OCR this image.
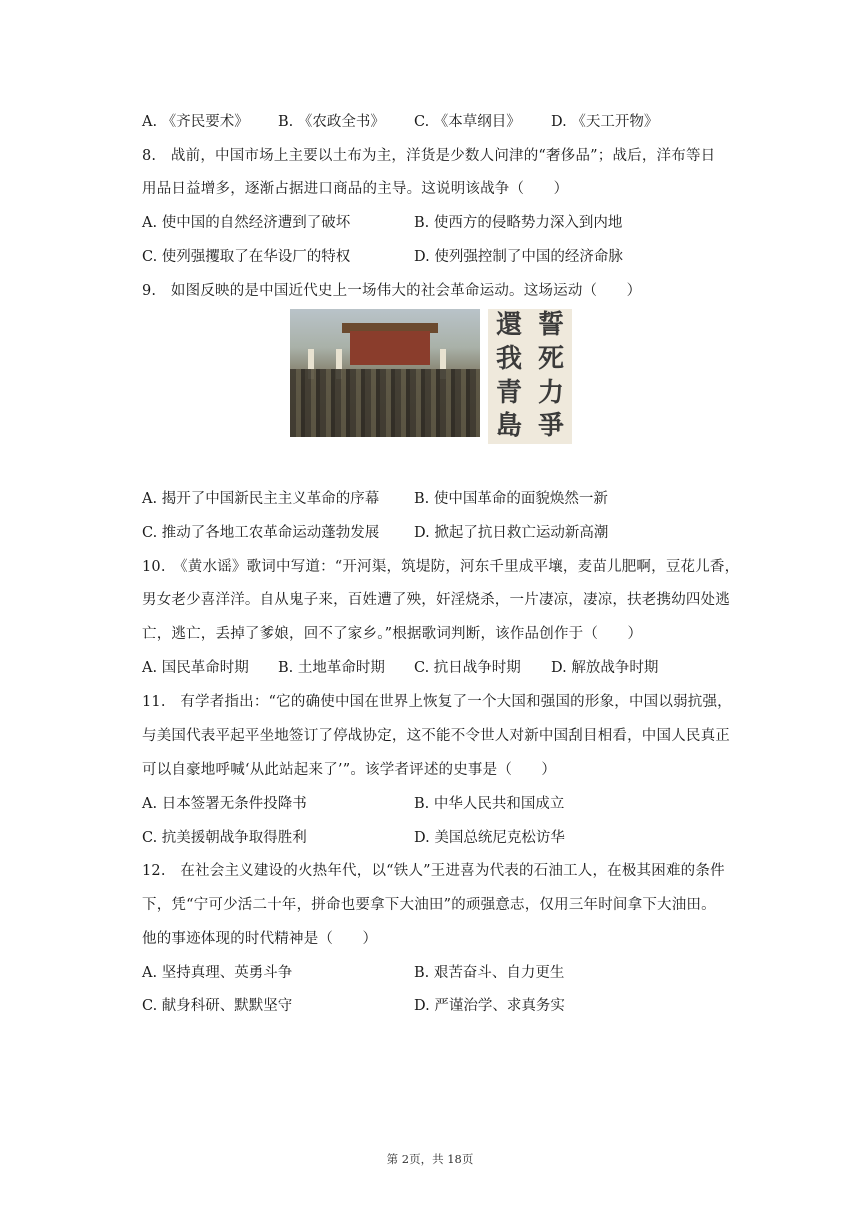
A. 《齐民要术》 B. 《农政全书》 C. 《本草纲目》 D. 《天工开物》
8.　战前，中国市场上主要以土布为主，洋货是少数人问津的“奢侈品”；战后，洋布等日
用品日益增多，逐渐占据进口商品的主导。这说明该战争（　　）
A. 使中国的自然经济遭到了破坏	B. 使西方的侵略势力深入到内地
C. 使列强攫取了在华设厂的特权	D. 使列强控制了中国的经济命脉
9.　如图反映的是中国近代史上一场伟大的社会革命运动。这场运动（　　）
還
我
青
島
誓
死
力
爭
A. 揭开了中国新民主主义革命的序幕 B. 使中国革命的面貌焕然一新
C. 推动了各地工农革命运动蓬勃发展 D. 掀起了抗日救亡运动新高潮
10.　《黄水谣》歌词中写道：“开河渠，筑堤防，河东千里成平壤，麦苗儿肥啊，豆花儿香，
男女老少喜洋洋。自从鬼子来，百姓遭了殃，奸淫烧杀，一片凄凉，凄凉，扶老携幼四处逃
亡，逃亡，丢掉了爹娘，回不了家乡。”根据歌词判断，该作品创作于（　　）
A. 国民革命时期 B. 土地革命时期 C. 抗日战争时期 D. 解放战争时期
11.　有学者指出：“它的确使中国在世界上恢复了一个大国和强国的形象，中国以弱抗强，
与美国代表平起平坐地签订了停战协定，这不能不令世人对新中国刮目相看，中国人民真正
可以自豪地呼喊‘从此站起来了’”。该学者评述的史事是（　　）
A. 日本签署无条件投降书	B. 中华人民共和国成立
C. 抗美援朝战争取得胜利	D. 美国总统尼克松访华
12.　在社会主义建设的火热年代，以“铁人”王进喜为代表的石油工人，在极其困难的条件
下，凭“宁可少活二十年，拼命也要拿下大油田”的顽强意志，仅用三年时间拿下大油田。
他的事迹体现的时代精神是（　　）
A. 坚持真理、英勇斗争	B. 艰苦奋斗、自力更生
C. 献身科研、默默坚守	D. 严谨治学、求真务实
第 2页，共 18页
